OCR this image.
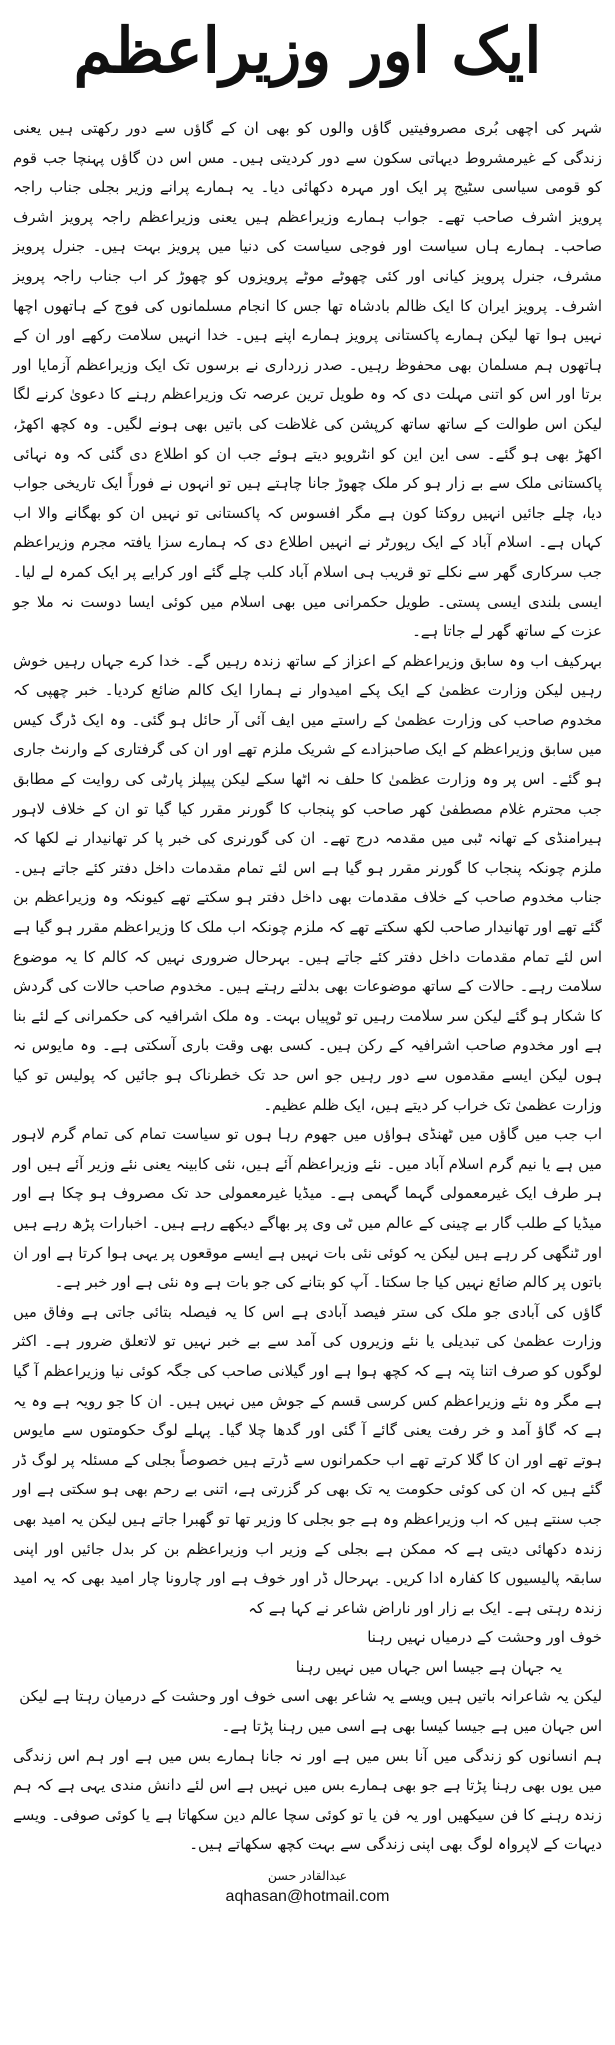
ایک اور وزیراعظم

شہر کی اچھی بُری مصروفیتیں گاؤں والوں کو بھی ان کے گاؤں سے دور رکھتی ہیں یعنی زندگی کے غیرمشروط دیہاتی سکون سے دور کردیتی ہیں۔ مس اس دن گاؤں پہنچا جب قوم کو قومی سیاسی سٹیج پر ایک اور مہرہ دکھائی دیا۔ یہ ہمارے پرانے وزیر بجلی جناب راجہ پرویز اشرف صاحب تھے۔ جواب ہمارے وزیراعظم ہیں یعنی وزیراعظم راجہ پرویز اشرف صاحب۔ ہمارے ہاں سیاست اور فوجی سیاست کی دنیا میں پرویز بہت ہیں۔ جنرل پرویز مشرف، جنرل پرویز کیانی اور کئی چھوٹے موٹے پرویزوں کو چھوڑ کر اب جناب راجہ پرویز اشرف۔ پرویز ایران کا ایک ظالم بادشاہ تھا جس کا انجام مسلمانوں کی فوج کے ہاتھوں اچھا نہیں ہوا تھا لیکن ہمارے پاکستانی پرویز ہمارے اپنے ہیں۔ خدا انہیں سلامت رکھے اور ان کے ہاتھوں ہم مسلمان بھی محفوظ رہیں۔ صدر زرداری نے برسوں تک ایک وزیراعظم آزمایا اور برتا اور اس کو اتنی مہلت دی کہ وہ طویل ترین عرصہ تک وزیراعظم رہنے کا دعویٰ کرنے لگا لیکن اس طوالت کے ساتھ ساتھ کرپشن کی غلاظت کی باتیں بھی ہونے لگیں۔ وہ کچھ اکھڑ، اکھڑ بھی ہو گئے۔ سی این این کو انٹرویو دیتے ہوئے جب ان کو اطلاع دی گئی کہ وہ نہائی پاکستانی ملک سے بے زار ہو کر ملک چھوڑ جانا چاہتے ہیں تو انہوں نے فوراً ایک تاریخی جواب دیا، چلے جائیں انہیں روکتا کون ہے مگر افسوس کہ پاکستانی تو نہیں ان کو بھگانے والا اب کہاں ہے۔ اسلام آباد کے ایک رپورٹر نے انہیں اطلاع دی کہ ہمارے سزا یافتہ مجرم وزیراعظم جب سرکاری گھر سے نکلے تو قریب ہی اسلام آباد کلب چلے گئے اور کرایے پر ایک کمرہ لے لیا۔ ایسی بلندی ایسی پستی۔ طویل حکمرانی میں بھی اسلام میں کوئی ایسا دوست نہ ملا جو عزت کے ساتھ گھر لے جاتا ہے۔

بہرکیف اب وہ سابق وزیراعظم کے اعزاز کے ساتھ زندہ رہیں گے۔ خدا کرے جہاں رہیں خوش رہیں لیکن وزارت عظمیٰ کے ایک پکے امیدوار نے ہمارا ایک کالم ضائع کردیا۔ خبر چھپی کہ مخدوم صاحب کی وزارت عظمیٰ کے راستے میں ایف آئی آر حائل ہو گئی۔ وہ ایک ڈرگ کیس میں سابق وزیراعظم کے ایک صاحبزادے کے شریک ملزم تھے اور ان کی گرفتاری کے وارنٹ جاری ہو گئے۔ اس پر وہ وزارت عظمیٰ کا حلف نہ اٹھا سکے لیکن پیپلز پارٹی کی روایت کے مطابق جب محترم غلام مصطفیٰ کھر صاحب کو پنجاب کا گورنر مقرر کیا گیا تو ان کے خلاف لاہور ہیرامنڈی کے تھانہ ٹبی میں مقدمہ درج تھے۔ ان کی گورنری کی خبر پا کر تھانیدار نے لکھا کہ ملزم چونکہ پنجاب کا گورنر مقرر ہو گیا ہے اس لئے تمام مقدمات داخل دفتر کئے جاتے ہیں۔ جناب مخدوم صاحب کے خلاف مقدمات بھی داخل دفتر ہو سکتے تھے کیونکہ وہ وزیراعظم بن گئے تھے اور تھانیدار صاحب لکھ سکتے تھے کہ ملزم چونکہ اب ملک کا وزیراعظم مقرر ہو گیا ہے اس لئے تمام مقدمات داخل دفتر کئے جاتے ہیں۔ بہرحال ضروری نہیں کہ کالم کا یہ موضوع سلامت رہے۔ حالات کے ساتھ موضوعات بھی بدلتے رہتے ہیں۔ مخدوم صاحب حالات کی گردش کا شکار ہو گئے لیکن سر سلامت رہیں تو ٹوپیاں بہت۔ وہ ملک اشرافیہ کی حکمرانی کے لئے بنا ہے اور مخدوم صاحب اشرافیہ کے رکن ہیں۔ کسی بھی وقت باری آسکتی ہے۔ وہ مایوس نہ ہوں لیکن ایسے مقدموں سے دور رہیں جو اس حد تک خطرناک ہو جائیں کہ پولیس تو کیا وزارت عظمیٰ تک خراب کر دیتے ہیں، ایک ظلم عظیم۔

اب جب میں گاؤں میں ٹھنڈی ہواؤں میں جھوم رہا ہوں تو سیاست تمام کی تمام گرم لاہور میں ہے یا نیم گرم اسلام آباد میں۔ نئے وزیراعظم آئے ہیں، نئی کابینہ یعنی نئے وزیر آئے ہیں اور ہر طرف ایک غیرمعمولی گہما گہمی ہے۔ میڈیا غیرمعمولی حد تک مصروف ہو چکا ہے اور میڈیا کے طلب گار بے چینی کے عالم میں ٹی وی پر بھاگے دیکھے رہے ہیں۔ اخبارات پڑھ رہے ہیں اور ٹنگھی کر رہے ہیں لیکن یہ کوئی نئی بات نہیں ہے ایسے موقعوں پر یہی ہوا کرتا ہے اور ان باتوں پر کالم ضائع نہیں کیا جا سکتا۔ آپ کو بتانے کی جو بات ہے وہ نئی ہے اور خبر ہے۔

گاؤں کی آبادی جو ملک کی ستر فیصد آبادی ہے اس کا یہ فیصلہ بتائی جاتی ہے وفاق میں وزارت عظمیٰ کی تبدیلی یا نئے وزیروں کی آمد سے بے خبر نہیں تو لاتعلق ضرور ہے۔ اکثر لوگوں کو صرف اتنا پتہ ہے کہ کچھ ہوا ہے اور گیلانی صاحب کی جگہ کوئی نیا وزیراعظم آ گیا ہے مگر وہ نئے وزیراعظم کس کرسی قسم کے جوش میں نہیں ہیں۔ ان کا جو رویہ ہے وہ یہ ہے کہ گاؤ آمد و خر رفت یعنی گائے آ گئی اور گدھا چلا گیا۔ پہلے لوگ حکومتوں سے مایوس ہوتے تھے اور ان کا گلا کرتے تھے اب حکمرانوں سے ڈرتے ہیں خصوصاً بجلی کے مسئلہ پر لوگ ڈر گئے ہیں کہ ان کی کوئی حکومت یہ تک بھی کر گزرتی ہے، اتنی بے رحم بھی ہو سکتی ہے اور جب سنتے ہیں کہ اب وزیراعظم وہ ہے جو بجلی کا وزیر تھا تو گھبرا جاتے ہیں لیکن یہ امید بھی زندہ دکھائی دیتی ہے کہ ممکن ہے بجلی کے وزیر اب وزیراعظم بن کر بدل جائیں اور اپنی سابقہ پالیسیوں کا کفارہ ادا کریں۔ بہرحال ڈر اور خوف ہے اور چارونا چار امید بھی کہ یہ امید زندہ رہتی ہے۔ ایک بے زار اور ناراض شاعر نے کہا ہے کہ

خوف اور وحشت کے درمیاں نہیں رہنا
یہ جہان ہے جیسا اس جہاں میں نہیں رہنا
لیکن یہ شاعرانہ باتیں ہیں ویسے یہ شاعر بھی اسی خوف اور وحشت کے درمیان رہتا ہے لیکن اس جہان میں ہے جیسا کیسا بھی ہے اسی میں رہنا پڑتا ہے۔

ہم انسانوں کو زندگی میں آنا بس میں ہے اور نہ جانا ہمارے بس میں ہے اور ہم اس زندگی میں یوں بھی رہنا پڑتا ہے جو بھی ہمارے بس میں نہیں ہے اس لئے دانش مندی یہی ہے کہ ہم زندہ رہنے کا فن سیکھیں اور یہ فن یا تو کوئی سچا عالم دین سکھاتا ہے یا کوئی صوفی۔ ویسے دیہات کے لاپرواہ لوگ بھی اپنی زندگی سے بہت کچھ سکھاتے ہیں۔

عبدالقادر حسن
aqhasan@hotmail.com
